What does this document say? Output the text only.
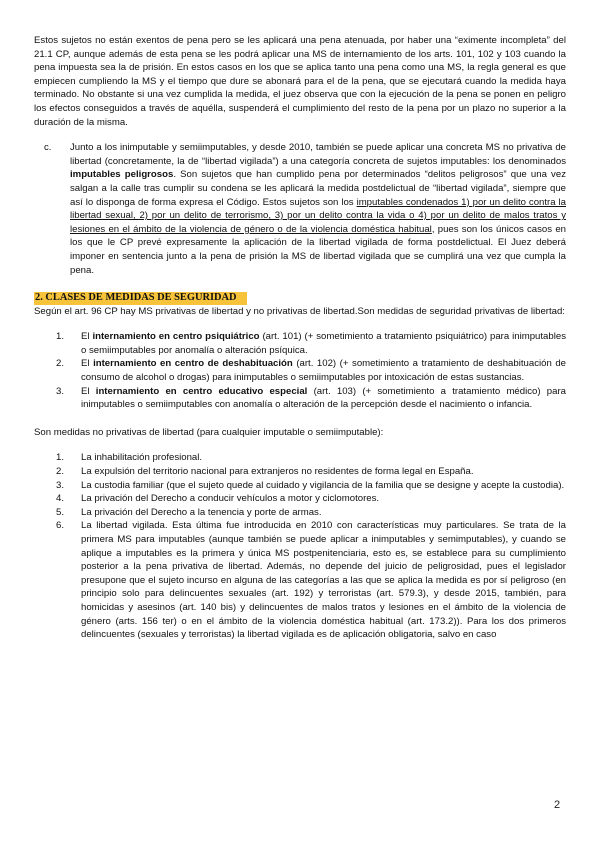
Estos sujetos no están exentos de pena pero se les aplicará una pena atenuada, por haber una “eximente incompleta” del 21.1 CP, aunque además de esta pena se les podrá aplicar una MS de internamiento de los arts. 101, 102 y 103 cuando la pena impuesta sea la de prisión. En estos casos en los que se aplica tanto una pena como una MS, la regla general es que empiecen cumpliendo la MS y el tiempo que dure se abonará para el de la pena, que se ejecutará cuando la medida haya terminado. No obstante si una vez cumplida la medida, el juez observa que con la ejecución de la pena se ponen en peligro los efectos conseguidos a través de aquélla, suspenderá el cumplimiento del resto de la pena por un plazo no superior a la duración de la misma.

c.	Junto a los inimputable y semiimputables, y desde 2010, también se puede aplicar una concreta MS no privativa de libertad (concretamente, la de “libertad vigilada”) a una categoría concreta de sujetos imputables: los denominados imputables peligrosos. Son sujetos que han cumplido pena por determinados “delitos peligrosos” que una vez salgan a la calle tras cumplir su condena se les aplicará la medida postdelictual de “libertad vigilada”, siempre que así lo disponga de forma expresa el Código. Estos sujetos son los imputables condenados 1) por un delito contra la libertad sexual, 2) por un delito de terrorismo, 3) por un delito contra la vida o 4) por un delito de malos tratos y lesiones en el ámbito de la violencia de género o de la violencia doméstica habitual, pues son los únicos casos en los que le CP prevé expresamente la aplicación de la libertad vigilada de forma postdelictual. El Juez deberá imponer en sentencia junto a la pena de prisión la MS de libertad vigilada que se cumplirá una vez que cumpla la pena.

2. CLASES DE MEDIDAS DE SEGURIDAD

Según el art. 96 CP hay MS privativas de libertad y no privativas de libertad.Son medidas de seguridad privativas de libertad:

1.	El internamiento en centro psiquiátrico (art. 101) (+ sometimiento a tratamiento psiquiátrico) para inimputables o semiimputables por anomalía o alteración psíquica.

2.	El internamiento en centro de deshabituación (art. 102) (+ sometimiento a tratamiento de deshabituación de consumo de alcohol o drogas) para inimputables o semiimputables por intoxicación de estas sustancias.

3.	El internamiento en centro educativo especial (art. 103) (+ sometimiento a tratamiento médico) para inimputables o semiimputables con anomalía o alteración de la percepción desde el nacimiento o infancia.

Son medidas no privativas de libertad (para cualquier imputable o semiimputable):

1.	La inhabilitación profesional.

2.	La expulsión del territorio nacional para extranjeros no residentes de forma legal en España.

3.	La custodia familiar (que el sujeto quede al cuidado y vigilancia de la familia que se designe y acepte la custodia).

4.	La privación del Derecho a conducir vehículos a motor y ciclomotores.

5.	La privación del Derecho a la tenencia y porte de armas.

6.	La libertad vigilada. Esta última fue introducida en 2010 con características muy particulares. Se trata de la primera MS para imputables (aunque también se puede aplicar a inimputables y semimputables), y cuando se aplique a imputables es la primera y única MS postpenitenciaria, esto es, se establece para su cumplimiento posterior a la pena privativa de libertad. Además, no depende del juicio de peligrosidad, pues el legislador presupone que el sujeto incurso en alguna de las categorías a las que se aplica la medida es por sí peligroso (en principio solo para delincuentes sexuales (art. 192) y terroristas (art. 579.3), y desde 2015, también, para homicidas y asesinos (art. 140 bis) y delincuentes de malos tratos y lesiones en el ámbito de la violencia de género (arts. 156 ter) o en el ámbito de la violencia doméstica habitual (art. 173.2)). Para los dos primeros delincuentes (sexuales y terroristas) la libertad vigilada es de aplicación obligatoria, salvo en caso

2
